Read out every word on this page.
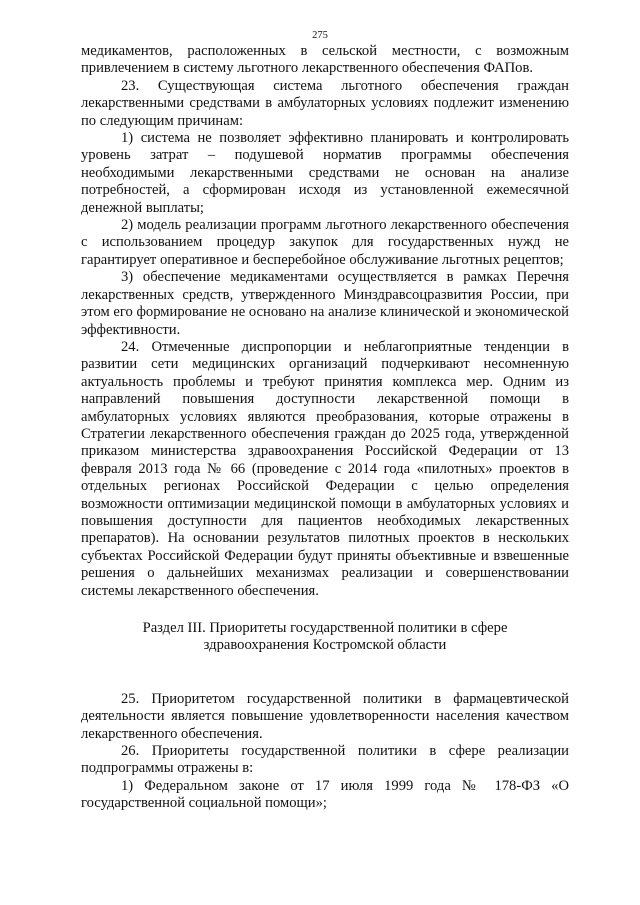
275

медикаментов, расположенных в сельской местности, с возможным привлечением в систему льготного лекарственного обеспечения ФАПов.

23. Существующая система льготного обеспечения граждан лекарственными средствами в амбулаторных условиях подлежит изменению по следующим причинам:

1) система не позволяет эффективно планировать и контролировать уровень затрат – подушевой норматив программы обеспечения необходимыми лекарственными средствами не основан на анализе потребностей, а сформирован исходя из установленной ежемесячной денежной выплаты;

2) модель реализации программ льготного лекарственного обеспечения с использованием процедур закупок для государственных нужд не гарантирует оперативное и бесперебойное обслуживание льготных рецептов;

3) обеспечение медикаментами осуществляется в рамках Перечня лекарственных средств, утвержденного Минздравсоцразвития России, при этом его формирование не основано на анализе клинической и экономической эффективности.

24. Отмеченные диспропорции и неблагоприятные тенденции в развитии сети медицинских организаций подчеркивают несомненную актуальность проблемы и требуют принятия комплекса мер. Одним из направлений повышения доступности лекарственной помощи в амбулаторных условиях являются преобразования, которые отражены в Стратегии лекарственного обеспечения граждан до 2025 года, утвержденной приказом министерства здравоохранения Российской Федерации от 13 февраля 2013 года № 66 (проведение с 2014 года «пилотных» проектов в отдельных регионах Российской Федерации с целью определения возможности оптимизации медицинской помощи в амбулаторных условиях и повышения доступности для пациентов необходимых лекарственных препаратов). На основании результатов пилотных проектов в нескольких субъектах Российской Федерации будут приняты объективные и взвешенные решения о дальнейших механизмах реализации и совершенствовании системы лекарственного обеспечения.

Раздел III. Приоритеты государственной политики в сфере
здравоохранения Костромской области

25. Приоритетом государственной политики в фармацевтической деятельности является повышение удовлетворенности населения качеством лекарственного обеспечения.

26. Приоритеты государственной политики в сфере реализации подпрограммы отражены в:

1) Федеральном законе от 17 июля 1999 года № 178-ФЗ «О государственной социальной помощи»;
